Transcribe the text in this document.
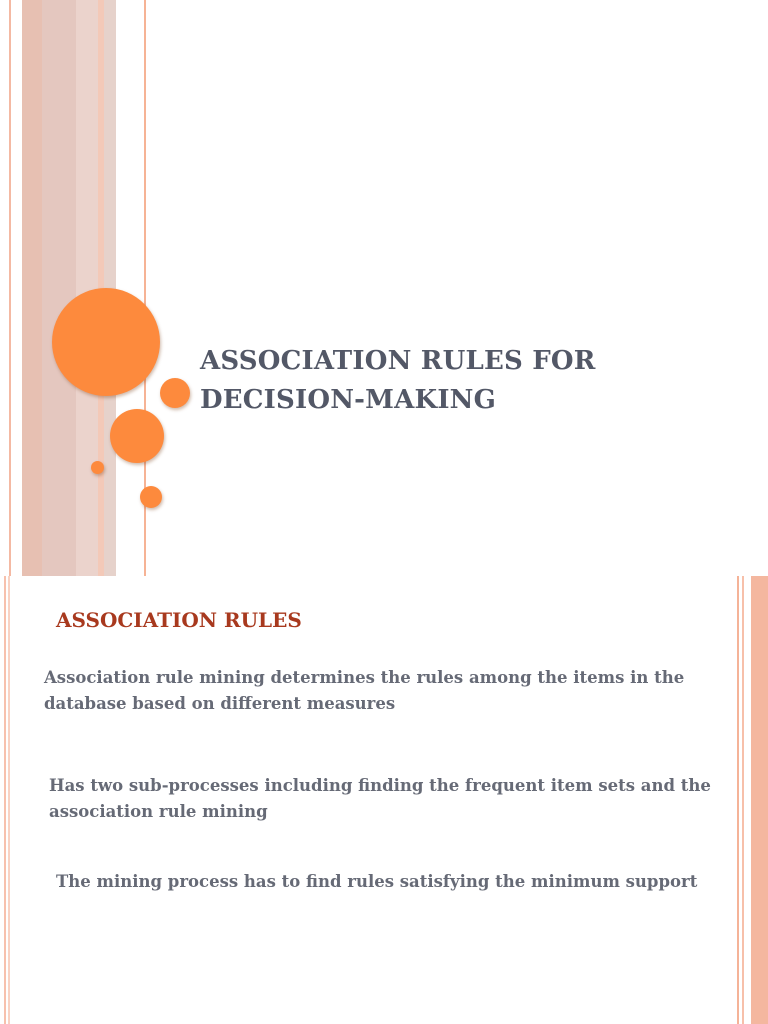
ASSOCIATION RULES FOR
DECISION-MAKING
ASSOCIATION RULES

Association rule mining determines the rules among the items in the database based on different measures

Has two sub-processes including finding the frequent item sets and the association rule mining

The mining process has to find rules satisfying the minimum support
